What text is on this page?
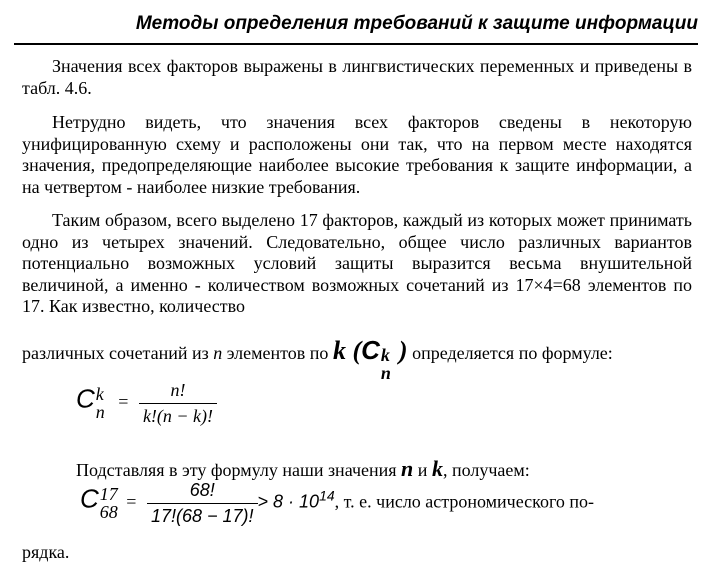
Методы определения требований к защите информации
Значения всех факторов выражены в лингвистических переменных и приведены в табл. 4.6.
Нетрудно видеть, что значения всех факторов сведены в некоторую унифицированную схему и расположены они так, что на первом месте находятся значения, предопределяющие наиболее высокие требования к защите информации, а на четвертом - наиболее низкие требования.
Таким образом, всего выделено 17 факторов, каждый из которых может принимать одно из четырех значений. Следовательно, общее число различных вариантов потенциально возможных условий защиты выразится весьма внушительной величиной, а именно - количеством возможных сочетаний из 17×4=68 элементов по 17. Как известно, количество
различных сочетаний из n элементов по k (C k
n
) определяется по формуле:
C k
$n = \frac{n!}{k!(n - k)!}$
Подставляя в эту формулу наши значения n и k, получаем:
C 17
$68 = \frac{68!}{17!(68 - 17)!} > 8 \cdot 10^{14}$, т. е. число астрономического по-
рядка.
